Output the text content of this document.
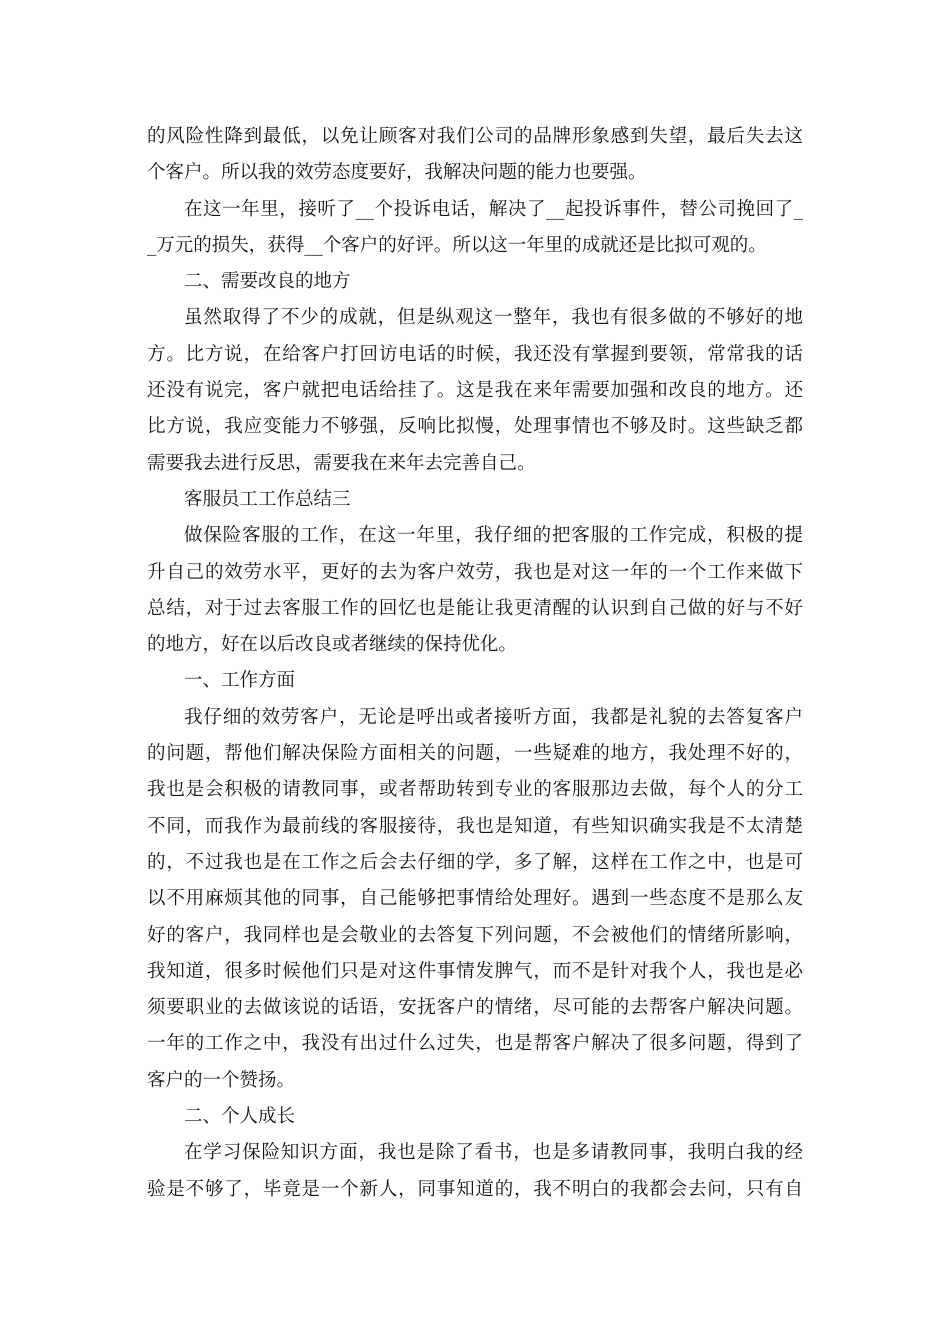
的风险性降到最低，以免让顾客对我们公司的品牌形象感到失望，最后失去这
个客户。所以我的效劳态度要好，我解决问题的能力也要强。
在这一年里，接听了__个投诉电话，解决了__起投诉事件，替公司挽回了_
_万元的损失，获得__个客户的好评。所以这一年里的成就还是比拟可观的。
二、需要改良的地方
虽然取得了不少的成就，但是纵观这一整年，我也有很多做的不够好的地
方。比方说，在给客户打回访电话的时候，我还没有掌握到要领，常常我的话
还没有说完，客户就把电话给挂了。这是我在来年需要加强和改良的地方。还
比方说，我应变能力不够强，反响比拟慢，处理事情也不够及时。这些缺乏都
需要我去进行反思，需要我在来年去完善自己。
客服员工工作总结三
做保险客服的工作，在这一年里，我仔细的把客服的工作完成，积极的提
升自己的效劳水平，更好的去为客户效劳，我也是对这一年的一个工作来做下
总结，对于过去客服工作的回忆也是能让我更清醒的认识到自己做的好与不好
的地方，好在以后改良或者继续的保持优化。
一、工作方面
我仔细的效劳客户，无论是呼出或者接听方面，我都是礼貌的去答复客户
的问题，帮他们解决保险方面相关的问题，一些疑难的地方，我处理不好的，
我也是会积极的请教同事，或者帮助转到专业的客服那边去做，每个人的分工
不同，而我作为最前线的客服接待，我也是知道，有些知识确实我是不太清楚
的，不过我也是在工作之后会去仔细的学，多了解，这样在工作之中，也是可
以不用麻烦其他的同事，自己能够把事情给处理好。遇到一些态度不是那么友
好的客户，我同样也是会敬业的去答复下列问题，不会被他们的情绪所影响，
我知道，很多时候他们只是对这件事情发脾气，而不是针对我个人，我也是必
须要职业的去做该说的话语，安抚客户的情绪，尽可能的去帮客户解决问题。
一年的工作之中，我没有出过什么过失，也是帮客户解决了很多问题，得到了
客户的一个赞扬。
二、个人成长
在学习保险知识方面，我也是除了看书，也是多请教同事，我明白我的经
验是不够了，毕竟是一个新人，同事知道的，我不明白的我都会去问，只有自
